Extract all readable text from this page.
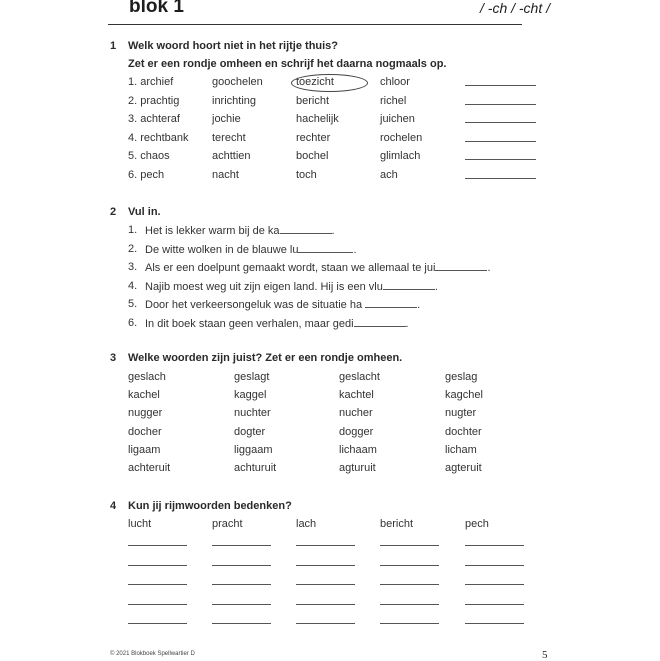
blok 1	/ -ch / -cht /
1 Welk woord hoort niet in het rijtje thuis?
Zet er een rondje omheen en schrijf het daarna nogmaals op.
1. archief	goochelen	toezicht	chloor
2. prachtig	inrichting	bericht	richel
3. achteraf	jochie	hachelijk	juichen
4. rechtbank terecht	rechter	rochelen
5. chaos	achttien	bochel	glimlach
6. pech	nacht	toch	ach
2 Vul in.
1. Het is lekker warm bij de ka	.
2. De witte wolken in de blauwe lu	.
3. Als er een doelpunt gemaakt wordt, staan we allemaal te jui	.
4. Najib moest weg uit zijn eigen land. Hij is een vlu	.
5. Door het verkeersongeluk was de situatie ha	.
6. In dit boek staan geen verhalen, maar gedi	.
3 Welke woorden zijn juist? Zet er een rondje omheen.
geslach	geslagt	geslacht	geslag
kachel	kaggel	kachtel	kagchel
nugger	nuchter	nucher	nugter
docher	dogter	dogger	dochter
ligaam	liggaam	lichaam	licham
achteruit	achturuit	agturuit	agteruit
4 Kun jij rijmwoorden bedenken?
lucht	pracht	lach	bericht	pech
© 2021 Blokboek Spellwartier D	5
